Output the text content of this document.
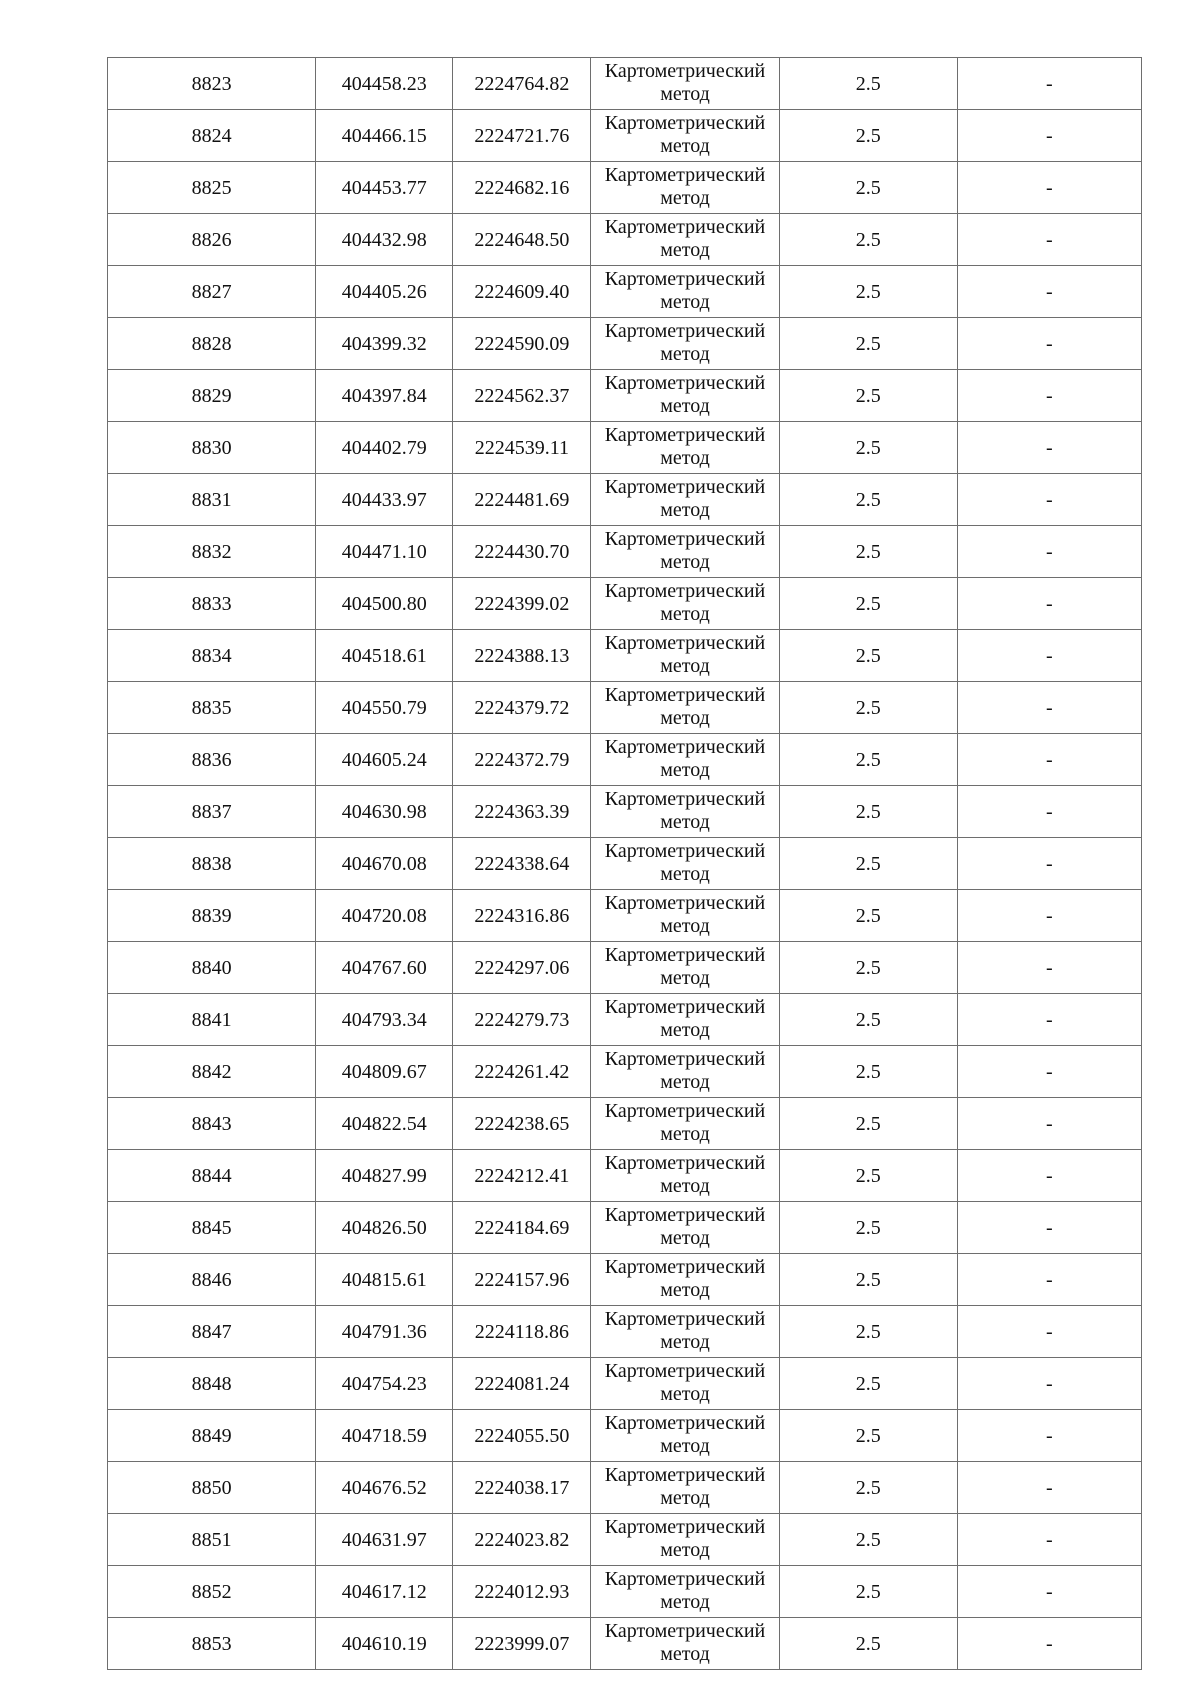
8823	404458.23	2224764.82	Картометрический метод	2.5	-
8824	404466.15	2224721.76	Картометрический метод	2.5	-
8825	404453.77	2224682.16	Картометрический метод	2.5	-
8826	404432.98	2224648.50	Картометрический метод	2.5	-
8827	404405.26	2224609.40	Картометрический метод	2.5	-
8828	404399.32	2224590.09	Картометрический метод	2.5	-
8829	404397.84	2224562.37	Картометрический метод	2.5	-
8830	404402.79	2224539.11	Картометрический метод	2.5	-
8831	404433.97	2224481.69	Картометрический метод	2.5	-
8832	404471.10	2224430.70	Картометрический метод	2.5	-
8833	404500.80	2224399.02	Картометрический метод	2.5	-
8834	404518.61	2224388.13	Картометрический метод	2.5	-
8835	404550.79	2224379.72	Картометрический метод	2.5	-
8836	404605.24	2224372.79	Картометрический метод	2.5	-
8837	404630.98	2224363.39	Картометрический метод	2.5	-
8838	404670.08	2224338.64	Картометрический метод	2.5	-
8839	404720.08	2224316.86	Картометрический метод	2.5	-
8840	404767.60	2224297.06	Картометрический метод	2.5	-
8841	404793.34	2224279.73	Картометрический метод	2.5	-
8842	404809.67	2224261.42	Картометрический метод	2.5	-
8843	404822.54	2224238.65	Картометрический метод	2.5	-
8844	404827.99	2224212.41	Картометрический метод	2.5	-
8845	404826.50	2224184.69	Картометрический метод	2.5	-
8846	404815.61	2224157.96	Картометрический метод	2.5	-
8847	404791.36	2224118.86	Картометрический метод	2.5	-
8848	404754.23	2224081.24	Картометрический метод	2.5	-
8849	404718.59	2224055.50	Картометрический метод	2.5	-
8850	404676.52	2224038.17	Картометрический метод	2.5	-
8851	404631.97	2224023.82	Картометрический метод	2.5	-
8852	404617.12	2224012.93	Картометрический метод	2.5	-
8853	404610.19	2223999.07	Картометрический метод	2.5	-
